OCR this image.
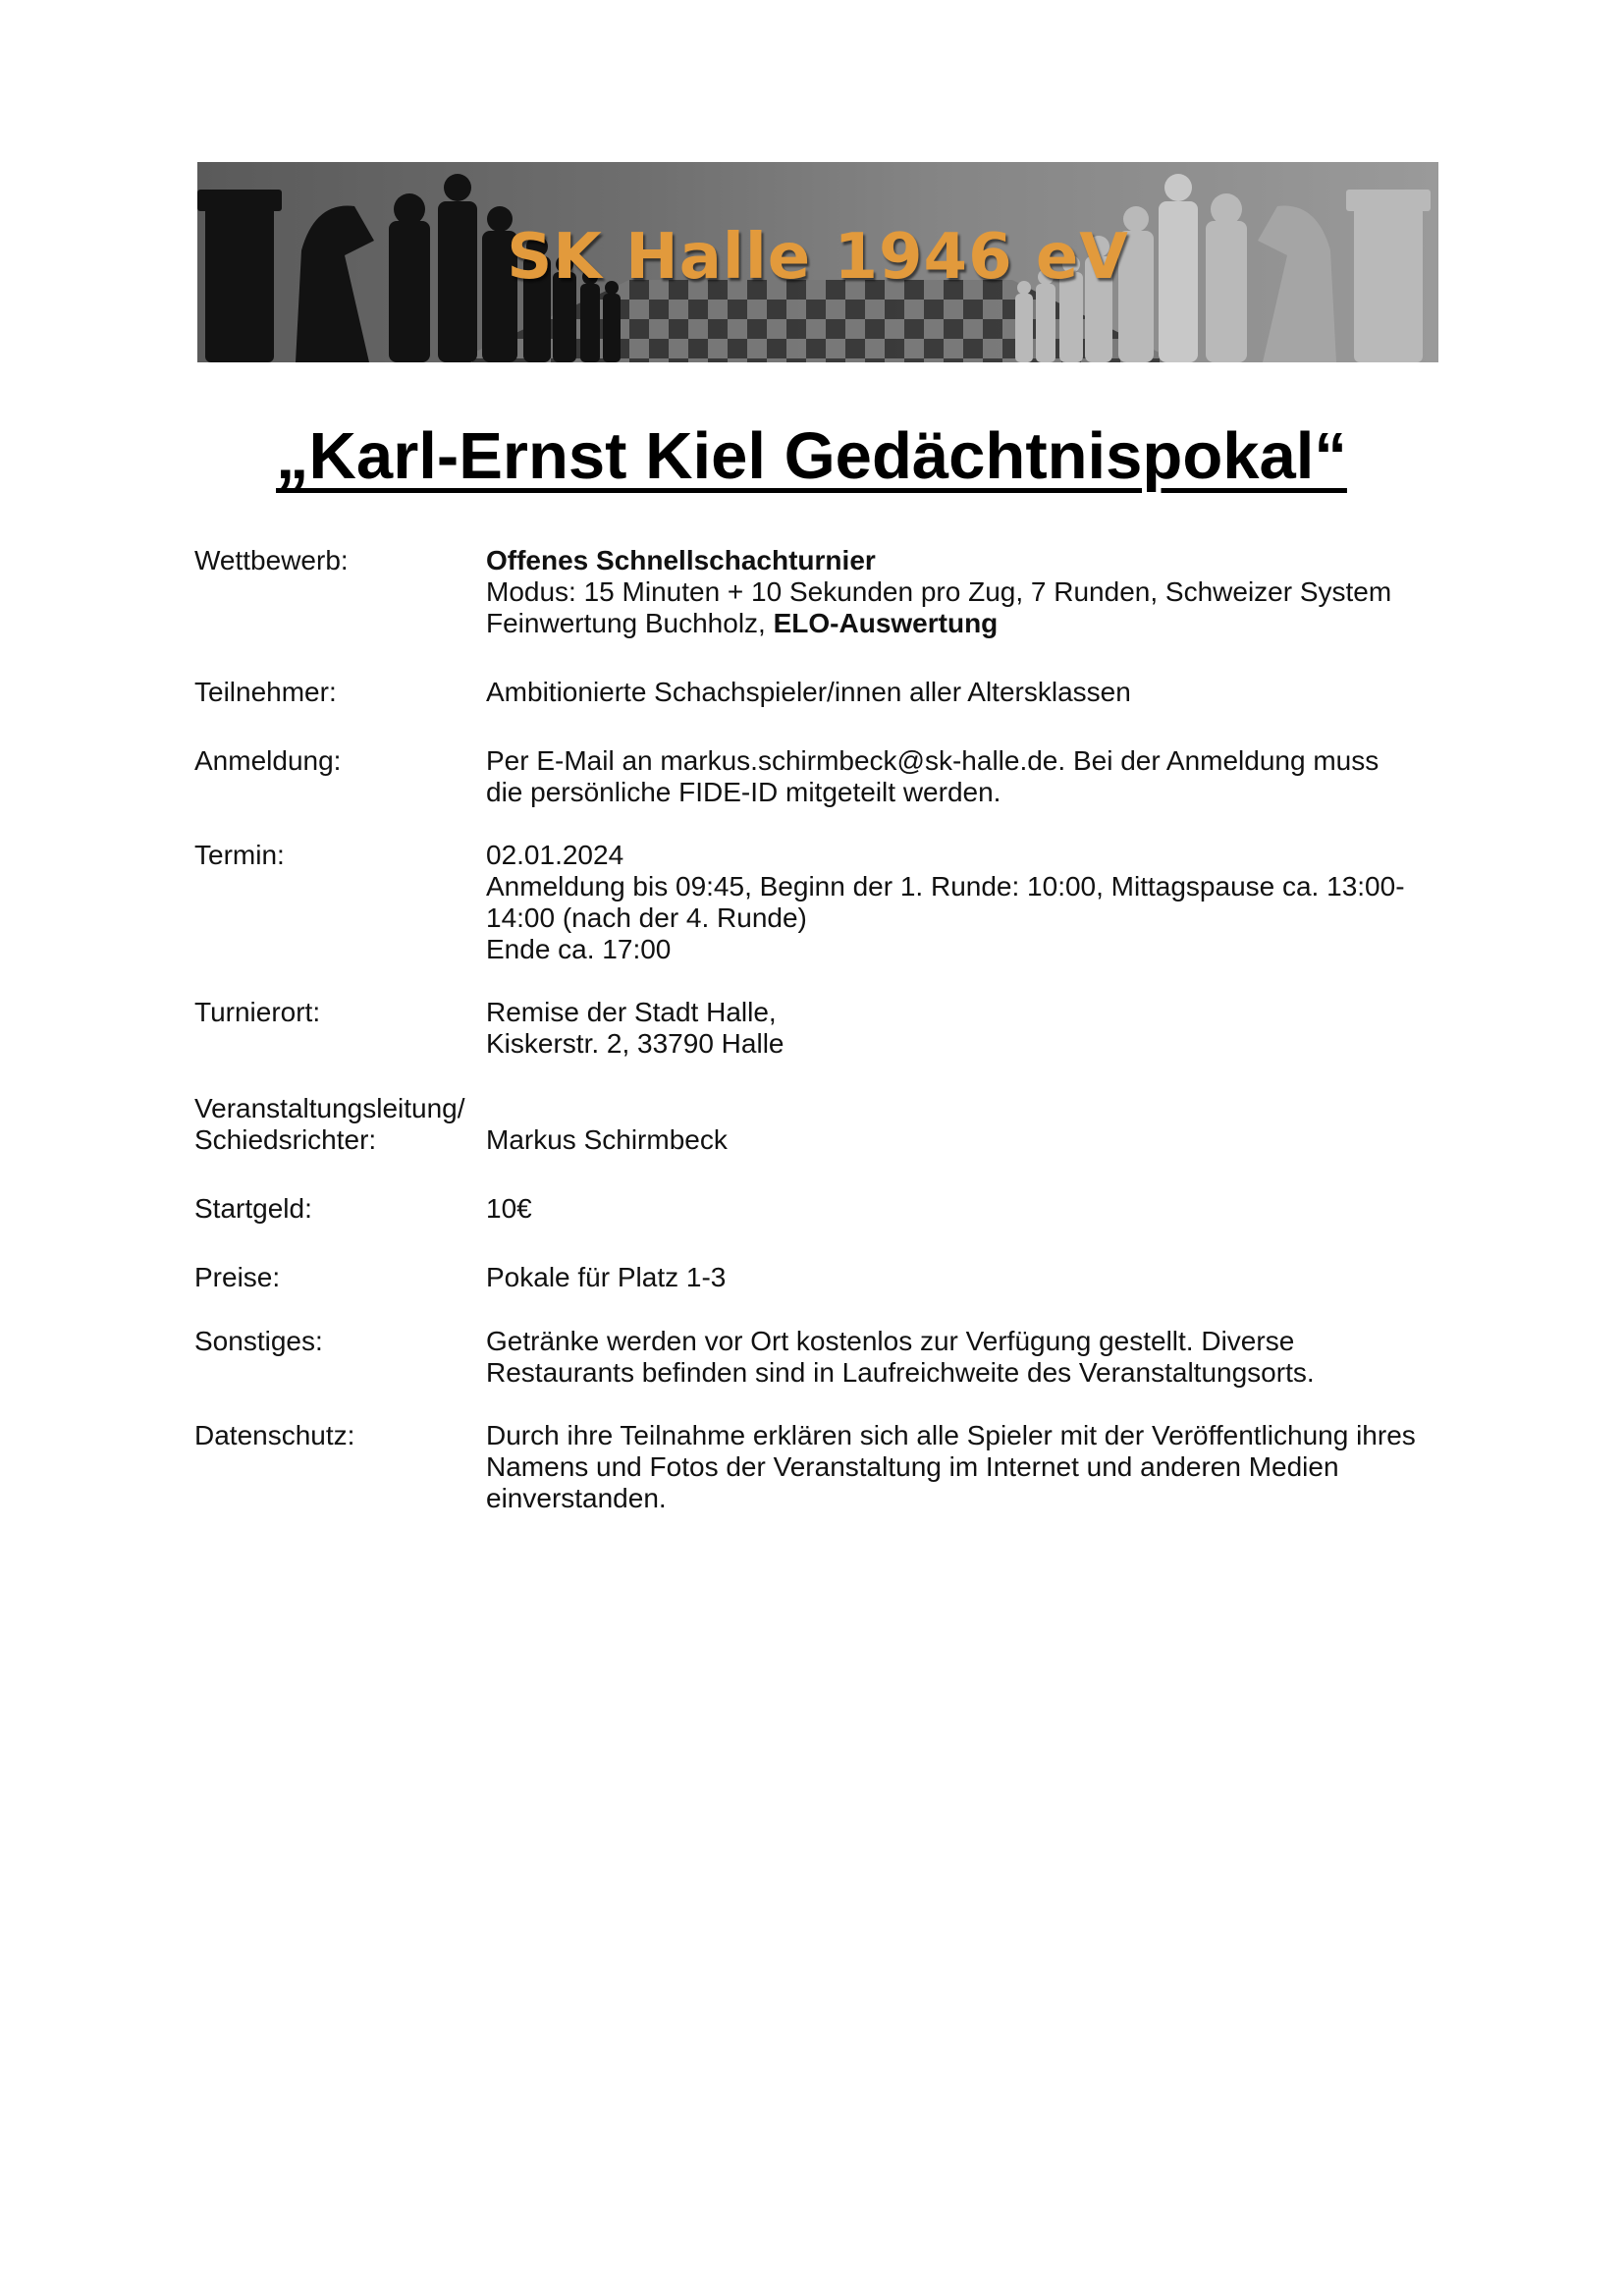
SK Halle 1946 eV
„Karl-Ernst Kiel Gedächtnispokal“
Wettbewerb:	Offenes Schnellschachturnier
Modus: 15 Minuten + 10 Sekunden pro Zug, 7 Runden, Schweizer System
Feinwertung Buchholz, ELO-Auswertung
Teilnehmer:	Ambitionierte Schachspieler/innen aller Altersklassen
Anmeldung:	Per E-Mail an markus.schirmbeck@sk-halle.de. Bei der Anmeldung muss
die persönliche FIDE-ID mitgeteilt werden.
Termin:	02.01.2024
Anmeldung bis 09:45, Beginn der 1. Runde: 10:00, Mittagspause ca. 13:00-
14:00 (nach der 4. Runde)
Ende ca. 17:00
Turnierort:	Remise der Stadt Halle,
Kiskerstr. 2, 33790 Halle
Veranstaltungsleitung/
Schiedsrichter:	Markus Schirmbeck
Startgeld:	10€
Preise:	Pokale für Platz 1-3
Sonstiges:	Getränke werden vor Ort kostenlos zur Verfügung gestellt. Diverse
Restaurants befinden sind in Laufreichweite des Veranstaltungsorts.
Datenschutz:	Durch ihre Teilnahme erklären sich alle Spieler mit der Veröffentlichung ihres
Namens und Fotos der Veranstaltung im Internet und anderen Medien
einverstanden.
